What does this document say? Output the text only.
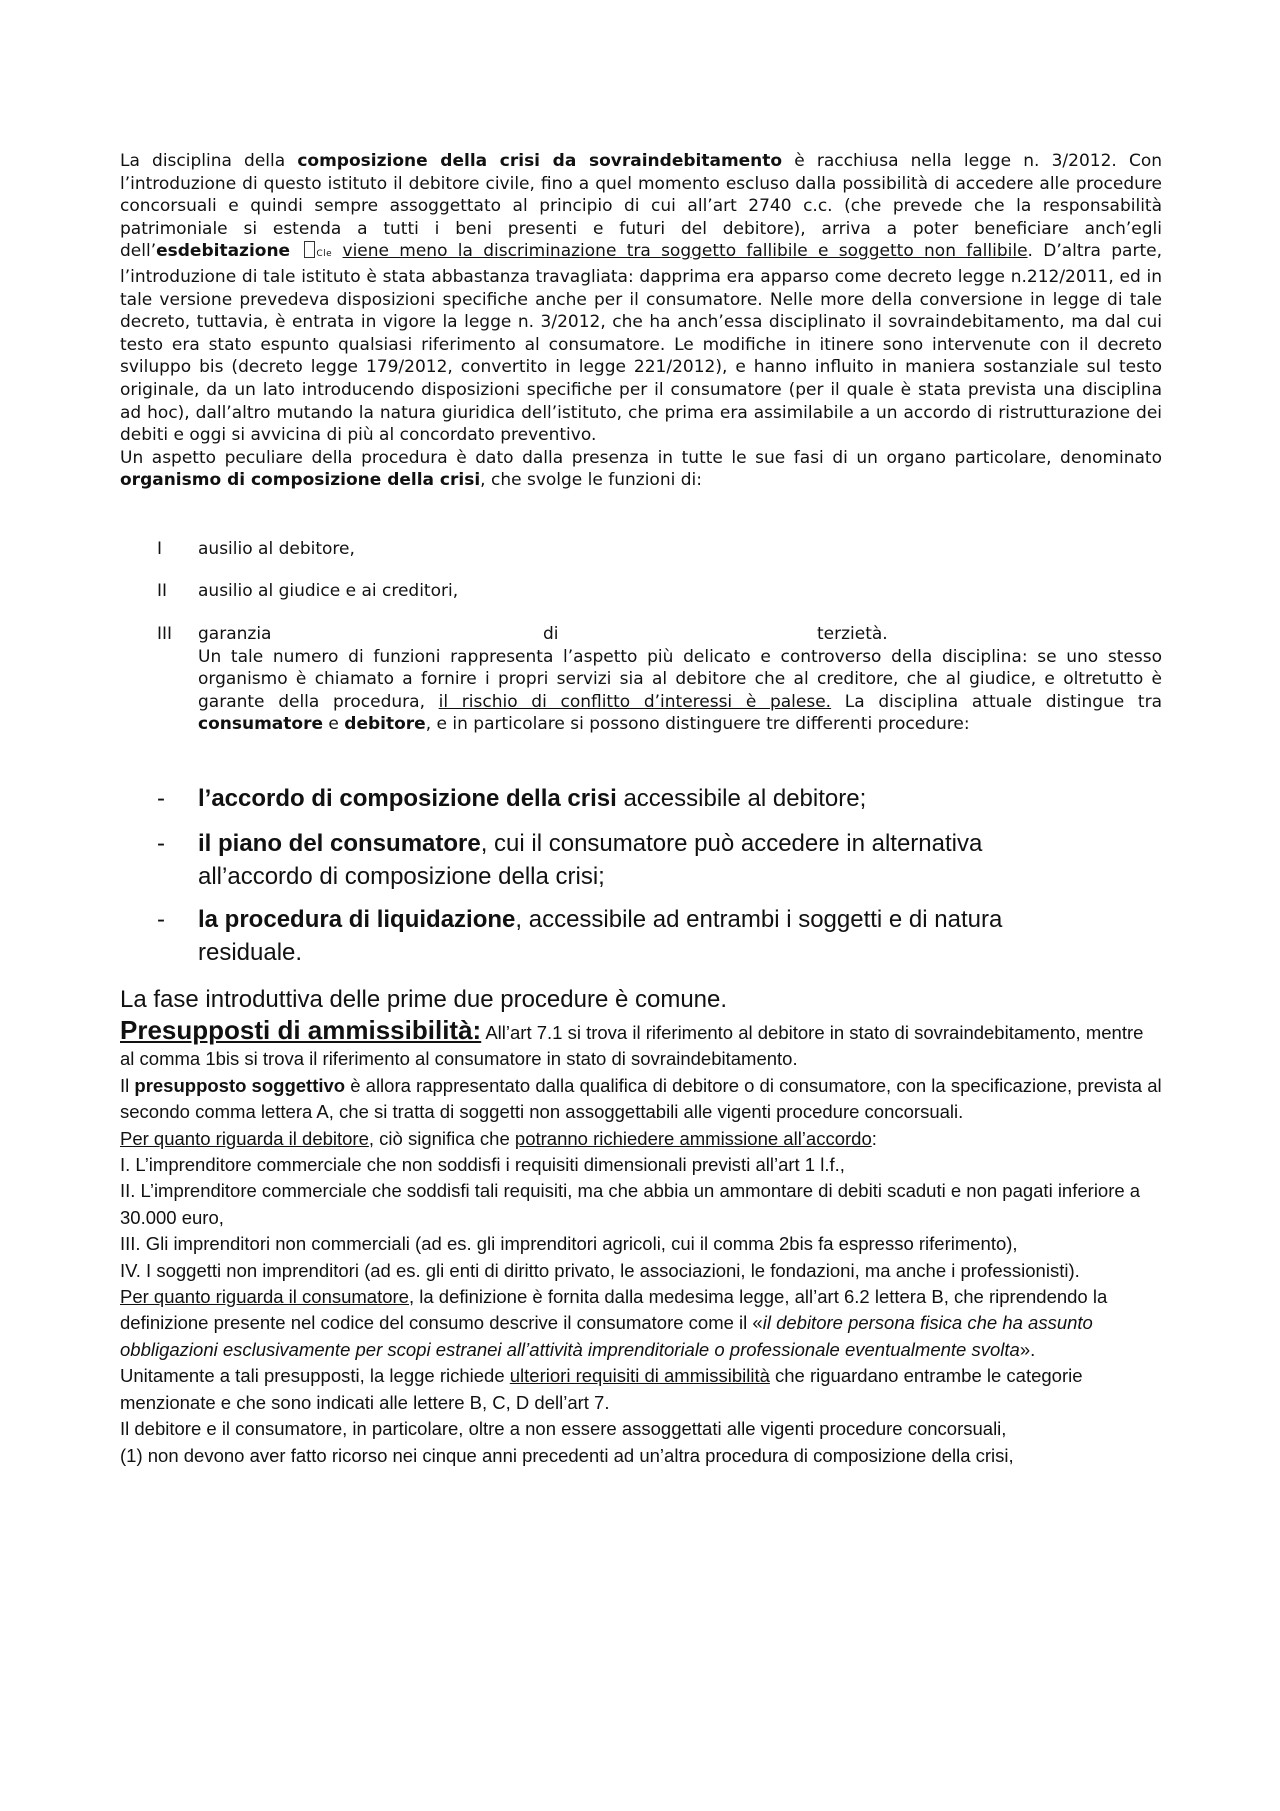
La disciplina della composizione della crisi da sovraindebitamento è racchiusa nella legge n. 3/2012. Con l’introduzione di questo istituto il debitore civile, fino a quel momento escluso dalla possibilità di accedere alle procedure concorsuali e quindi sempre assoggettato al principio di cui all’art 2740 c.c. (che prevede che la responsabilità patrimoniale si estenda a tutti i beni presenti e futuri del debitore), arriva a poter beneficiare anch’egli dell’esdebitazione	Cle viene meno la discriminazione tra soggetto fallibile e soggetto non fallibile. D’altra parte, l’introduzione di tale istituto è stata abbastanza travagliata: dapprima era apparso come decreto legge n.212/2011, ed in tale versione prevedeva disposizioni specifiche anche per il consumatore. Nelle more della conversione in legge di tale decreto, tuttavia, è entrata in vigore la legge n. 3/2012, che ha anch’essa disciplinato il sovraindebitamento, ma dal cui testo era stato espunto qualsiasi riferimento al consumatore. Le modifiche in itinere sono intervenute con il decreto sviluppo bis (decreto legge 179/2012, convertito in legge 221/2012), e hanno influito in maniera sostanziale sul testo originale, da un lato introducendo disposizioni specifiche per il consumatore (per il quale è stata prevista una disciplina ad hoc), dall’altro mutando la natura giuridica dell’istituto, che prima era assimilabile a un accordo di ristrutturazione dei debiti e oggi si avvicina di più al concordato preventivo.

Un aspetto peculiare della procedura è dato dalla presenza in tutte le sue fasi di un organo particolare, denominato organismo di composizione della crisi, che svolge le funzioni di:

I ausilio al debitore,
II ausilio al giudice e ai creditori,
III garanzia	di	terzietà.

Un tale numero di funzioni rappresenta l’aspetto più delicato e controverso della disciplina: se uno stesso organismo è chiamato a fornire i propri servizi sia al debitore che al creditore, che al giudice, e oltretutto è garante della procedura, il rischio di conflitto d’interessi è palese. La disciplina attuale distingue tra consumatore e debitore, e in particolare si possono distinguere tre differenti procedure:

- l’accordo di composizione della crisi accessibile al debitore;
- il piano del consumatore, cui il consumatore può accedere in alternativa all’accordo di composizione della crisi;
- la procedura di liquidazione, accessibile ad entrambi i soggetti e di natura residuale.
La fase introduttiva delle prime due procedure è comune.

Presupposti di ammissibilità: All’art 7.1 si trova il riferimento al debitore in stato di sovraindebitamento, mentre al comma 1bis si trova il riferimento al consumatore in stato di sovraindebitamento.

Il presupposto soggettivo è allora rappresentato dalla qualifica di debitore o di consumatore, con la specificazione, prevista al secondo comma lettera A, che si tratta di soggetti non assoggettabili alle vigenti procedure concorsuali.

Per quanto riguarda il debitore, ciò significa che potranno richiedere ammissione all’accordo:

I. L’imprenditore commerciale che non soddisfi i requisiti dimensionali previsti all’art 1 l.f.,

II. L’imprenditore commerciale che soddisfi tali requisiti, ma che abbia un ammontare di debiti scaduti e non pagati inferiore a 30.000 euro,

III. Gli imprenditori non commerciali (ad es. gli imprenditori agricoli, cui il comma 2bis fa espresso riferimento),

IV. I soggetti non imprenditori (ad es. gli enti di diritto privato, le associazioni, le fondazioni, ma anche i professionisti).

Per quanto riguarda il consumatore, la definizione è fornita dalla medesima legge, all’art 6.2 lettera B, che riprendendo la definizione presente nel codice del consumo descrive il consumatore come il «il debitore persona fisica che ha assunto obbligazioni esclusivamente per scopi estranei all’attività imprenditoriale o professionale eventualmente svolta».

Unitamente a tali presupposti, la legge richiede ulteriori requisiti di ammissibilità che riguardano entrambe le categorie menzionate e che sono indicati alle lettere B, C, D dell’art 7.

Il debitore e il consumatore, in particolare, oltre a non essere assoggettati alle vigenti procedure concorsuali,

(1) non devono aver fatto ricorso nei cinque anni precedenti ad un’altra procedura di composizione della crisi,
